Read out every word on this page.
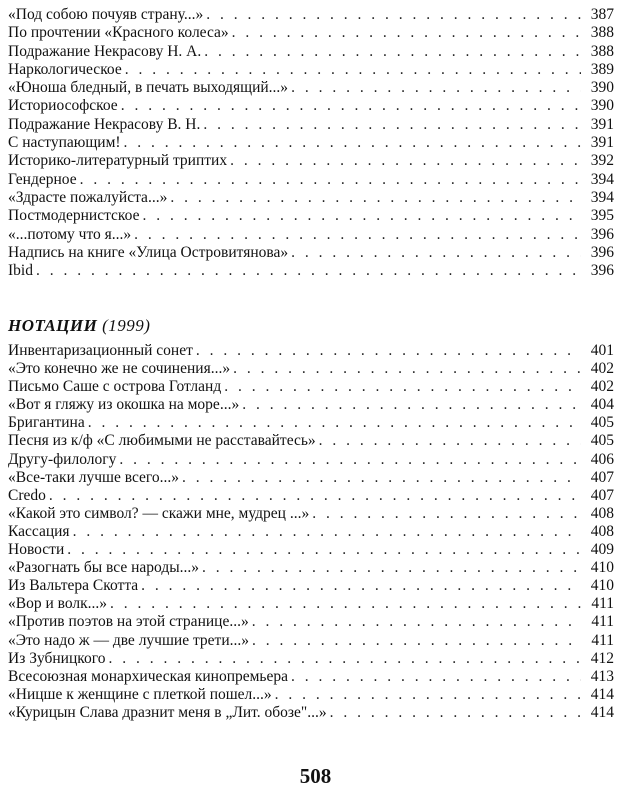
«Под собою почуяв страну...» . . .	387
По прочтении «Красного колеса» . . .	388
Подражание Некрасову Н. А. . . .	388
Наркологическое . . .	389
«Юноша бледный, в печать выходящий...» . . .	390
Историософское . . .	390
Подражание Некрасову В. Н. . . .	391
С наступающим! . . .	391
Историко-литературный триптих . . .	392
Гендерное . . .	394
«Здрасте пожалуйста...» . . .	394
Постмодернистское . . .	395
«...потому что я...» . . .	396
Надпись на книге «Улица Островитянова» . . .	396
Ibid . . .	396
НОТАЦИИ (1999)
Инвентаризационный сонет . . .	401
«Это конечно же не сочинения...» . . .	402
Письмо Саше с острова Готланд . . .	402
«Вот я гляжу из окошка на море...» . . .	404
Бригантина . . .	405
Песня из к/ф «С любимыми не расставайтесь» . . .	405
Другу-филологу . . .	406
«Все-таки лучше всего...» . . .	407
Credo . . .	407
«Какой это символ? — скажи мне, мудрец ...» . . .	408
Кассация . . .	408
Новости . . .	409
«Разогнать бы все народы...» . . .	410
Из Вальтера Скотта . . .	410
«Вор и волк...» . . .	411
«Против поэтов на этой странице...» . . .	411
«Это надо ж — две лучшие трети...» . . .	411
Из Зубницкого . . .	412
Всесоюзная монархическая кинопремьера . . .	413
«Ницше к женщине с плеткой пошел...» . . .	414
«Курицын Слава дразнит меня в „Лит. обозе"...» . . .	414
508
